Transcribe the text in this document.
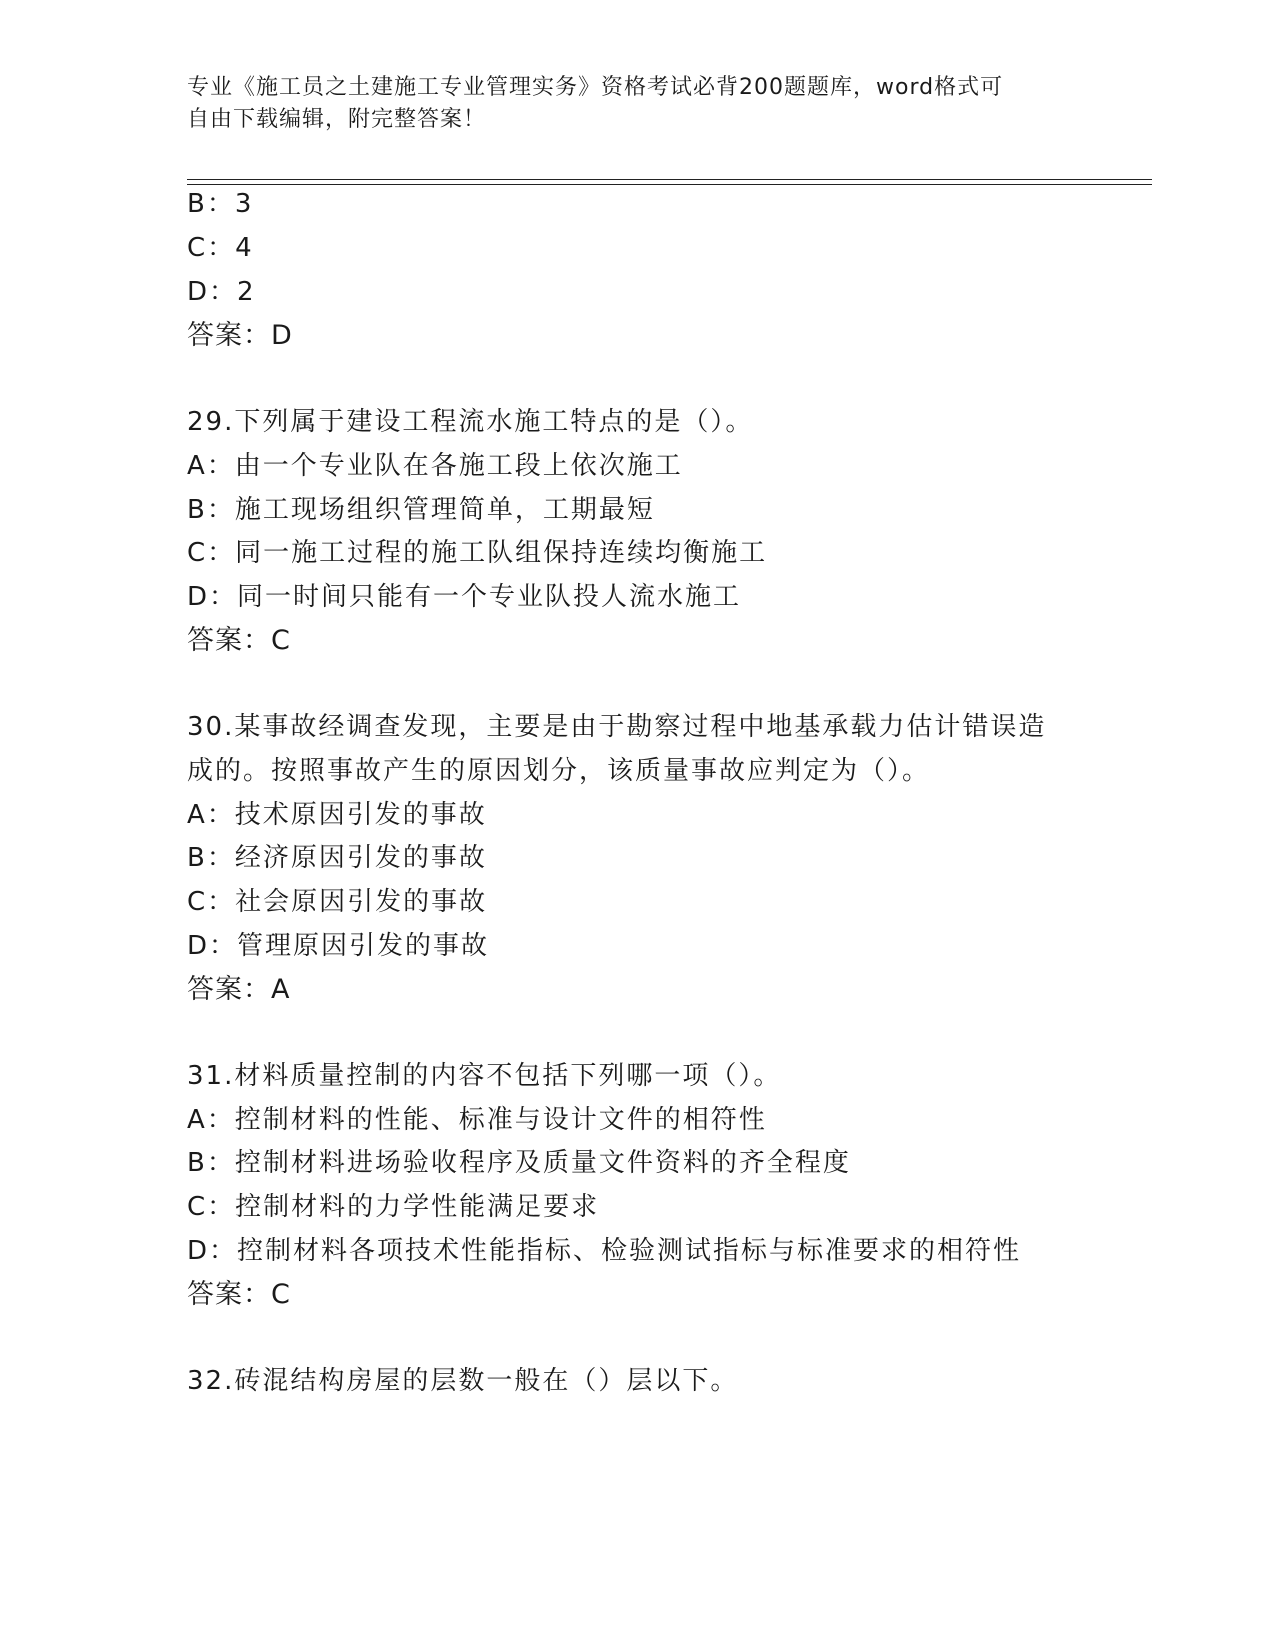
专业《施工员之土建施工专业管理实务》资格考试必背200题题库，word格式可
自由下载编辑，附完整答案！
B：3
C：4
D：2
答案：D
29.下列属于建设工程流水施工特点的是（）。
A：由一个专业队在各施工段上依次施工
B：施工现场组织管理简单，工期最短
C：同一施工过程的施工队组保持连续均衡施工
D：同一时间只能有一个专业队投人流水施工
答案：C
30.某事故经调查发现，主要是由于勘察过程中地基承载力估计错误造
成的。按照事故产生的原因划分，该质量事故应判定为（）。
A：技术原因引发的事故
B：经济原因引发的事故
C：社会原因引发的事故
D：管理原因引发的事故
答案：A
31.材料质量控制的内容不包括下列哪一项（）。
A：控制材料的性能、标准与设计文件的相符性
B：控制材料进场验收程序及质量文件资料的齐全程度
C：控制材料的力学性能满足要求
D：控制材料各项技术性能指标、检验测试指标与标准要求的相符性
答案：C
32.砖混结构房屋的层数一般在（）层以下。
